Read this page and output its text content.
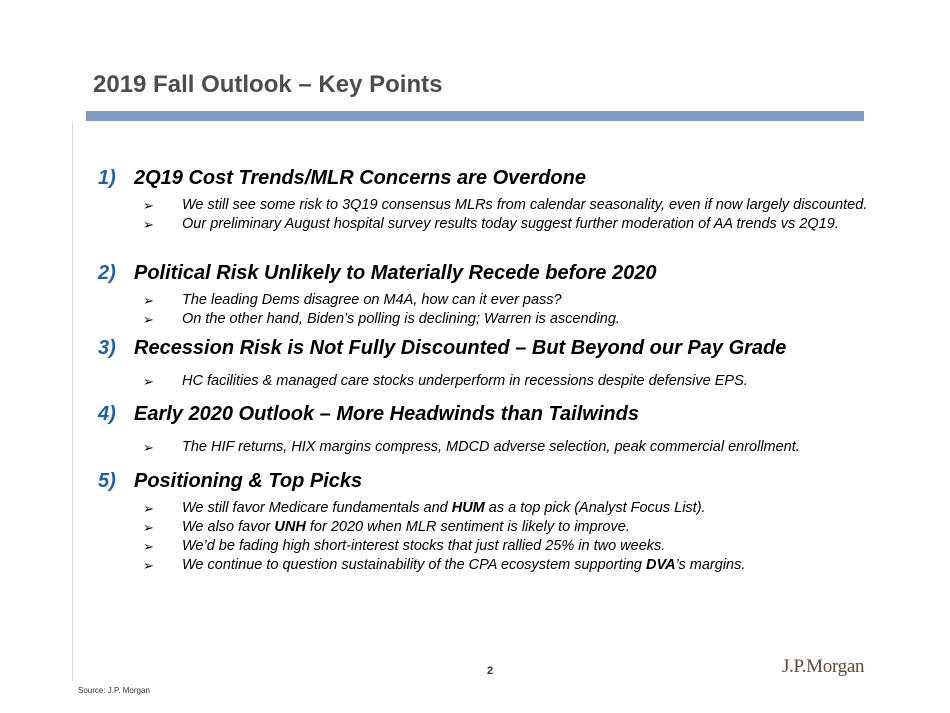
2019 Fall Outlook – Key Points
1) 2Q19 Cost Trends/MLR Concerns are Overdone
➢ We still see some risk to 3Q19 consensus MLRs from calendar seasonality, even if now largely discounted.
➢ Our preliminary August hospital survey results today suggest further moderation of AA trends vs 2Q19.
2) Political Risk Unlikely to Materially Recede before 2020
➢ The leading Dems disagree on M4A, how can it ever pass?
➢ On the other hand, Biden’s polling is declining; Warren is ascending.
3) Recession Risk is Not Fully Discounted – But Beyond our Pay Grade
➢ HC facilities & managed care stocks underperform in recessions despite defensive EPS.
4) Early 2020 Outlook – More Headwinds than Tailwinds
➢ The HIF returns, HIX margins compress, MDCD adverse selection, peak commercial enrollment.
5) Positioning & Top Picks
➢ We still favor Medicare fundamentals and HUM as a top pick (Analyst Focus List).
➢ We also favor UNH for 2020 when MLR sentiment is likely to improve.
➢ We’d be fading high short-interest stocks that just rallied 25% in two weeks.
➢ We continue to question sustainability of the CPA ecosystem supporting DVA’s margins.
2	J.P.Morgan
Source: J.P. Morgan
